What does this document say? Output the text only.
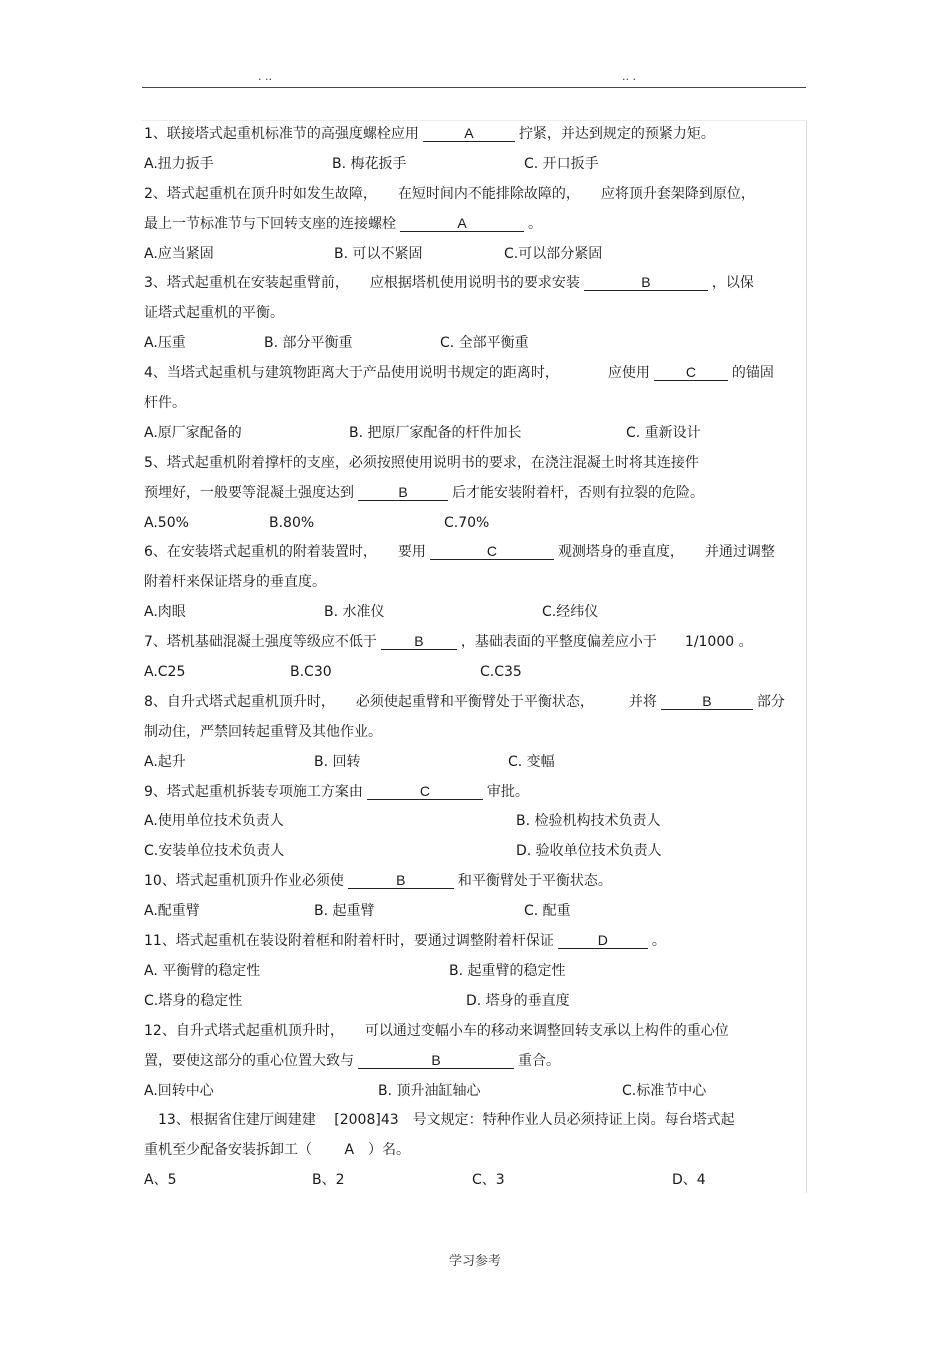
. ..	.. .
1、联接塔式起重机标准节的高强度螺栓应用	A	拧紧，并达到规定的预紧力矩。
A.扭力扳手	B. 梅花扳手	C. 开口扳手
2、塔式起重机在顶升时如发生故障，　　在短时间内不能排除故障的，　　应将顶升套架降到原位，
最上一节标准节与下回转支座的连接螺栓	A	。
A.应当紧固	B. 可以不紧固	C.可以部分紧固
3、塔式起重机在安装起重臂前，　　应根据塔机使用说明书的要求安装	B	，以保
证塔式起重机的平衡。
A.压重	B. 部分平衡重	C. 全部平衡重
4、当塔式起重机与建筑物距离大于产品使用说明书规定的距离时，　　　　应使用	C	的锚固
杆件。
A.原厂家配备的	B. 把原厂家配备的杆件加长	C. 重新设计
5、塔式起重机附着撑杆的支座，必须按照使用说明书的要求，在浇注混凝土时将其连接件
预埋好，一般要等混凝土强度达到	B	后才能安装附着杆，否则有拉裂的危险。
A.50%	B.80%	C.70%
6、在安装塔式起重机的附着装置时，　　要用	C	观测塔身的垂直度，　　并通过调整
附着杆来保证塔身的垂直度。
A.肉眼	B. 水准仪	C.经纬仪
7、塔机基础混凝土强度等级应不低于	B	，基础表面的平整度偏差应小于　　1/1000 。
A.C25	B.C30	C.C35
8、自升式塔式起重机顶升时，　　必须使起重臂和平衡臂处于平衡状态，　　　并将	B	部分
制动住，严禁回转起重臂及其他作业。
A.起升	B. 回转	C. 变幅
9、塔式起重机拆装专项施工方案由	C	审批。
A.使用单位技术负责人	B. 检验机构技术负责人
C.安装单位技术负责人	D. 验收单位技术负责人
10、塔式起重机顶升作业必须使	B	和平衡臂处于平衡状态。
A.配重臂	B. 起重臂	C. 配重
11、塔式起重机在装设附着框和附着杆时，要通过调整附着杆保证	D	。
A. 平衡臂的稳定性	B. 起重臂的稳定性
C.塔身的稳定性	D. 塔身的垂直度
12、自升式塔式起重机顶升时，　　可以通过变幅小车的移动来调整回转支承以上构件的重心位
置，要使这部分的重心位置大致与	B	重合。
A.回转中心	B. 顶升油缸轴心	C.标准节中心
13、根据省住建厅闽建建　 [2008]43　号文规定：特种作业人员必须持证上岗。每台塔式起
重机至少配备安装拆卸工（　　 A　）名。
A、5	B、2	C、3	D、4
学习参考
